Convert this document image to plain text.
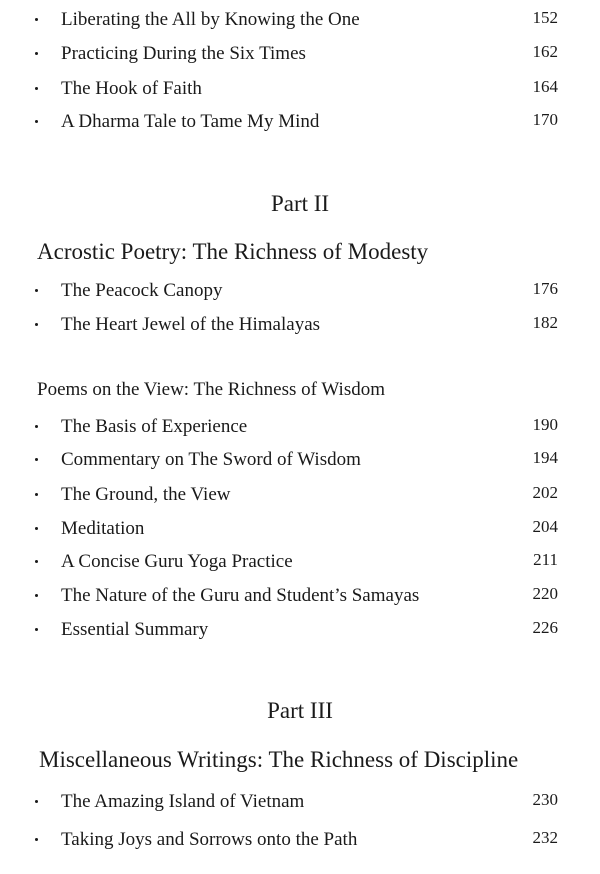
Liberating the All by Knowing the One	152
Practicing During the Six Times	162
The Hook of Faith	164
A Dharma Tale to Tame My Mind	170
Part II
Acrostic Poetry: The Richness of Modesty
The Peacock Canopy	176
The Heart Jewel of the Himalayas	182
Poems on the View: The Richness of Wisdom
The Basis of Experience	190
Commentary on The Sword of Wisdom	194
The Ground, the View	202
Meditation	204
A Concise Guru Yoga Practice	211
The Nature of the Guru and Student’s Samayas	220
Essential Summary	226
Part III
Miscellaneous Writings: The Richness of Discipline
The Amazing Island of Vietnam	230
Taking Joys and Sorrows onto the Path	232
